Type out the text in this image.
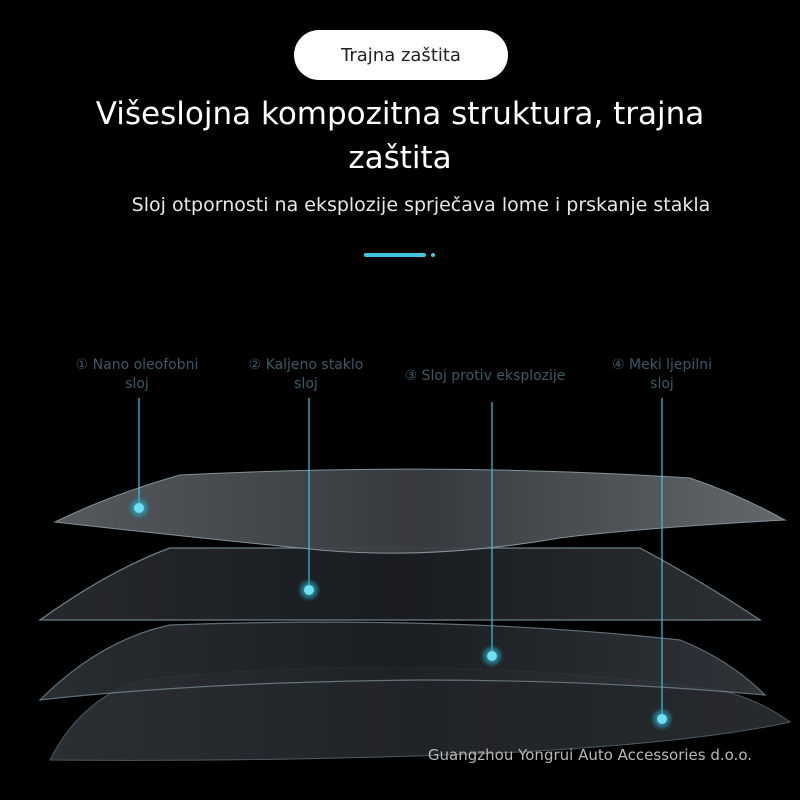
Trajna zaštita
Višeslojna kompozitna struktura, trajna zaštita
Sloj otpornosti na eksplozije sprječava lome i prskanje stakla
① Nano oleofobni
sloj
② Kaljeno staklo
sloj	③ Sloj protiv eksplozije
④ Meki ljepilni
sloj
Guangzhou Yongrui Auto Accessories d.o.o.
